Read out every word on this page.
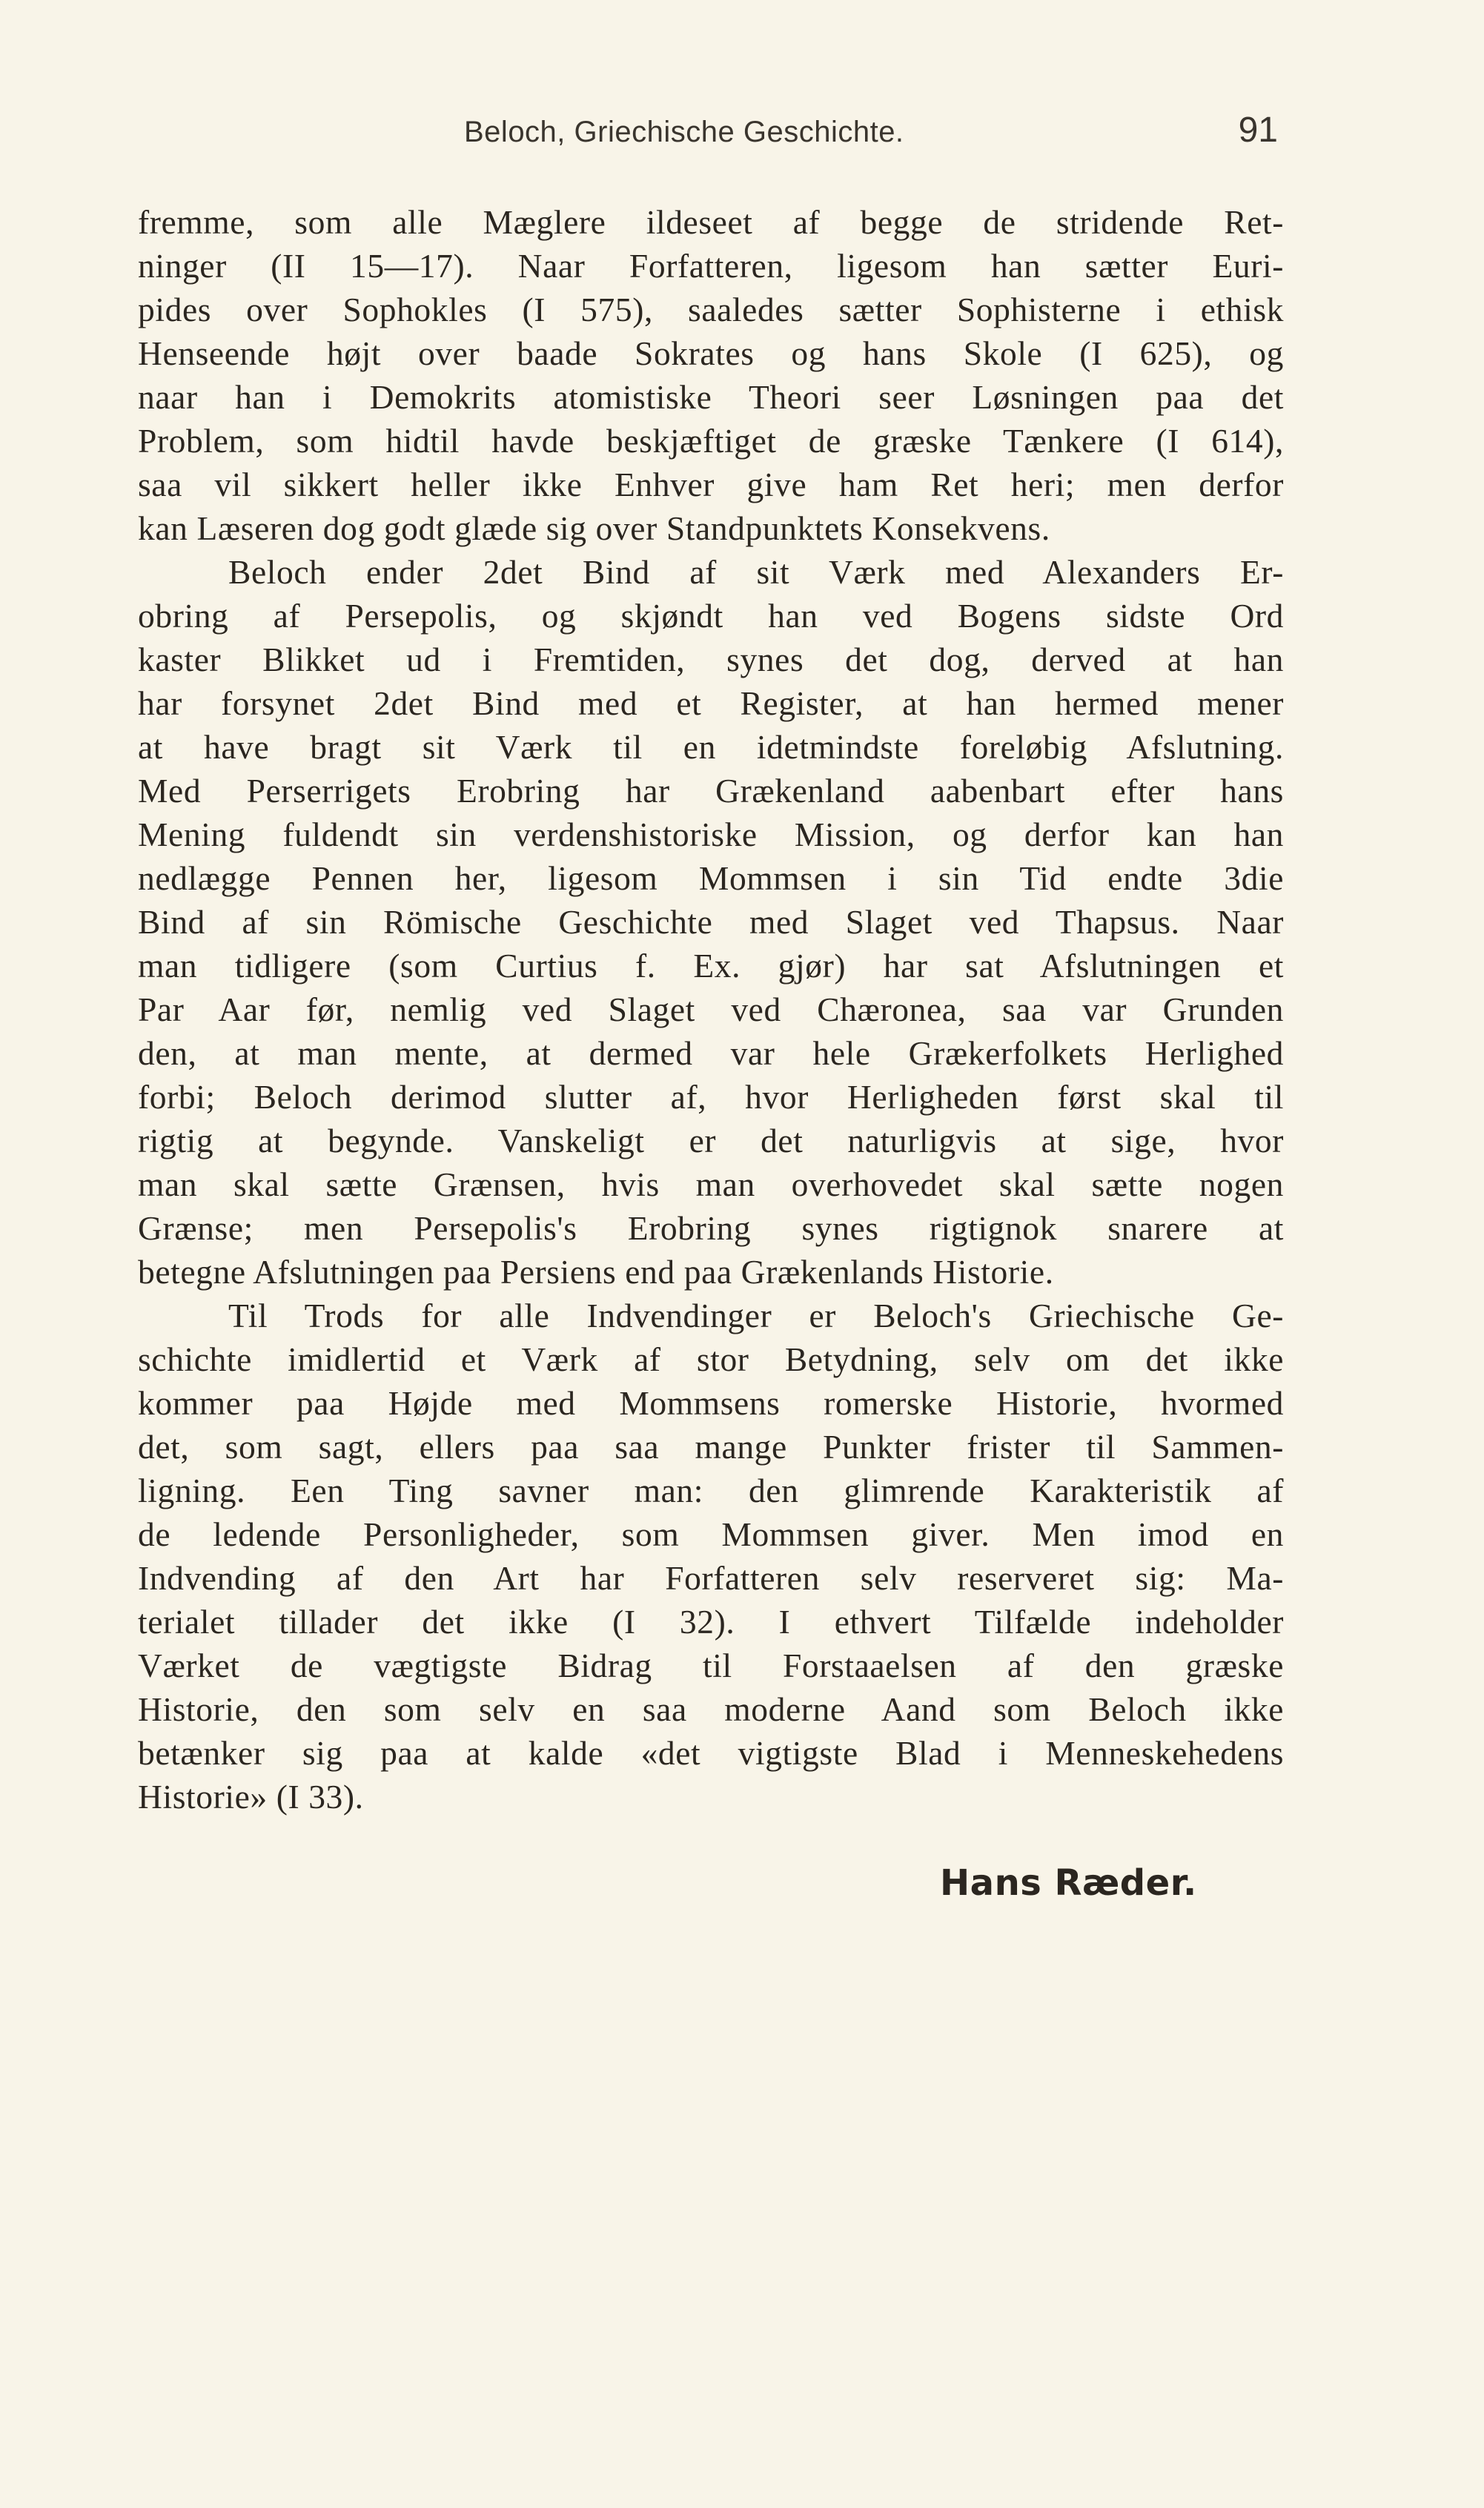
Beloch, Griechische Geschichte.	91
fremme, som alle Mæglere ildeseet af begge de stridende Ret-
ninger (II 15—17). Naar Forfatteren, ligesom han sætter Euri-
pides over Sophokles (I 575), saaledes sætter Sophisterne i ethisk
Henseende højt over baade Sokrates og hans Skole (I 625), og
naar han i Demokrits atomistiske Theori seer Løsningen paa det
Problem, som hidtil havde beskjæftiget de græske Tænkere (I 614),
saa vil sikkert heller ikke Enhver give ham Ret heri; men derfor
kan Læseren dog godt glæde sig over Standpunktets Konsekvens.
Beloch ender 2det Bind af sit Værk med Alexanders Er-
obring af Persepolis, og skjøndt han ved Bogens sidste Ord
kaster Blikket ud i Fremtiden, synes det dog, derved at han
har forsynet 2det Bind med et Register, at han hermed mener
at have bragt sit Værk til en idetmindste foreløbig Afslutning.
Med Perserrigets Erobring har Grækenland aabenbart efter hans
Mening fuldendt sin verdenshistoriske Mission, og derfor kan han
nedlægge Pennen her, ligesom Mommsen i sin Tid endte 3die
Bind af sin Römische Geschichte med Slaget ved Thapsus. Naar
man tidligere (som Curtius f. Ex. gjør) har sat Afslutningen et
Par Aar før, nemlig ved Slaget ved Chæronea, saa var Grunden
den, at man mente, at dermed var hele Grækerfolkets Herlighed
forbi; Beloch derimod slutter af, hvor Herligheden først skal til
rigtig at begynde. Vanskeligt er det naturligvis at sige, hvor
man skal sætte Grænsen, hvis man overhovedet skal sætte nogen
Grænse; men Persepolis's Erobring synes rigtignok snarere at
betegne Afslutningen paa Persiens end paa Grækenlands Historie.
Til Trods for alle Indvendinger er Beloch's Griechische Ge-
schichte imidlertid et Værk af stor Betydning, selv om det ikke
kommer paa Højde med Mommsens romerske Historie, hvormed
det, som sagt, ellers paa saa mange Punkter frister til Sammen-
ligning. Een Ting savner man: den glimrende Karakteristik af
de ledende Personligheder, som Mommsen giver. Men imod en
Indvending af den Art har Forfatteren selv reserveret sig: Ma-
terialet tillader det ikke (I 32). I ethvert Tilfælde indeholder
Værket de vægtigste Bidrag til Forstaaelsen af den græske
Historie, den som selv en saa moderne Aand som Beloch ikke
betænker sig paa at kalde «det vigtigste Blad i Menneskehedens
Historie» (I 33).
Hans Ræder.
